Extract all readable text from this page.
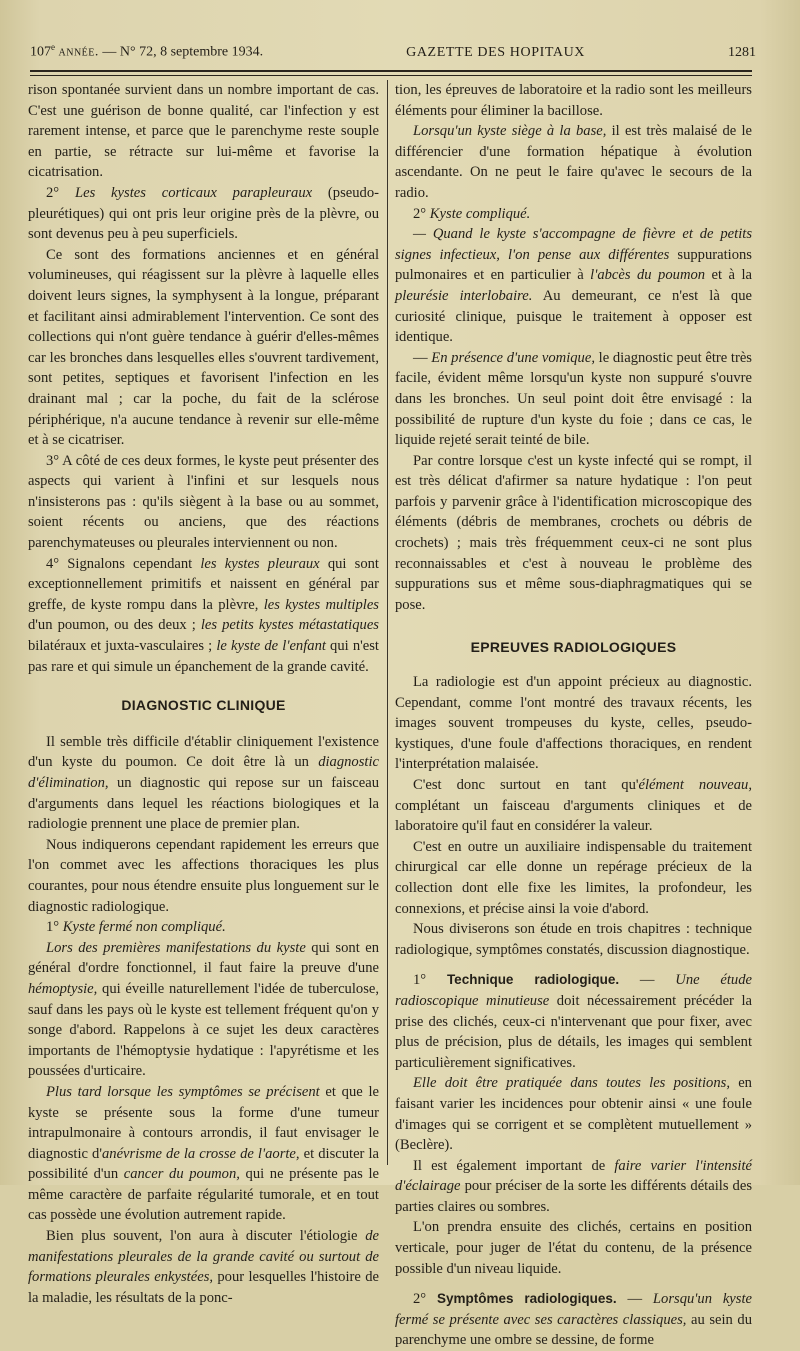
107e année. — N° 72, 8 septembre 1934.	GAZETTE DES HOPITAUX	1281

rison spontanée survient dans un nombre important de cas. C'est une guérison de bonne qualité, car l'infection y est rarement intense, et parce que le parenchyme reste souple en partie, se rétracte sur lui-même et favorise la cicatrisation.

2° Les kystes corticaux parapleuraux (pseudo-pleurétiques) qui ont pris leur origine près de la plèvre, ou sont devenus peu à peu superficiels.

Ce sont des formations anciennes et en général volumineuses, qui réagissent sur la plèvre à laquelle elles doivent leurs signes, la symphysent à la longue, préparant et facilitant ainsi admirablement l'intervention. Ce sont des collections qui n'ont guère tendance à guérir d'elles-mêmes car les bronches dans lesquelles elles s'ouvrent tardivement, sont petites, septiques et favorisent l'infection en les drainant mal ; car la poche, du fait de la sclérose périphérique, n'a aucune tendance à revenir sur elle-même et à se cicatriser.

3° A côté de ces deux formes, le kyste peut présenter des aspects qui varient à l'infini et sur lesquels nous n'insisterons pas : qu'ils siègent à la base ou au sommet, soient récents ou anciens, que des réactions parenchymateuses ou pleurales interviennent ou non.

4° Signalons cependant les kystes pleuraux qui sont exceptionnellement primitifs et naissent en général par greffe, de kyste rompu dans la plèvre, les kystes multiples d'un poumon, ou des deux ; les petits kystes métastatiques bilatéraux et juxta-vasculaires ; le kyste de l'enfant qui n'est pas rare et qui simule un épanchement de la grande cavité.

DIAGNOSTIC CLINIQUE

Il semble très difficile d'établir cliniquement l'existence d'un kyste du poumon. Ce doit être là un diagnostic d'élimination, un diagnostic qui repose sur un faisceau d'arguments dans lequel les réactions biologiques et la radiologie prennent une place de premier plan.

Nous indiquerons cependant rapidement les erreurs que l'on commet avec les affections thoraciques les plus courantes, pour nous étendre ensuite plus longuement sur le diagnostic radiologique.

1° Kyste fermé non compliqué.

Lors des premières manifestations du kyste qui sont en général d'ordre fonctionnel, il faut faire la preuve d'une hémoptysie, qui éveille naturellement l'idée de tuberculose, sauf dans les pays où le kyste est tellement fréquent qu'on y songe d'abord. Rappelons à ce sujet les deux caractères importants de l'hémoptysie hydatique : l'apyrétisme et les poussées d'urticaire.

Plus tard lorsque les symptômes se précisent et que le kyste se présente sous la forme d'une tumeur intrapulmonaire à contours arrondis, il faut envisager le diagnostic d'anévrisme de la crosse de l'aorte, et discuter la possibilité d'un cancer du poumon, qui ne présente pas le même caractère de parfaite régularité tumorale, et en tout cas possède une évolution autrement rapide.

Bien plus souvent, l'on aura à discuter l'étiologie de manifestations pleurales de la grande cavité ou surtout de formations pleurales enkystées, pour lesquelles l'histoire de la maladie, les résultats de la ponc-

tion, les épreuves de laboratoire et la radio sont les meilleurs éléments pour éliminer la bacillose.

Lorsqu'un kyste siège à la base, il est très malaisé de le différencier d'une formation hépatique à évolution ascendante. On ne peut le faire qu'avec le secours de la radio.

2° Kyste compliqué.

— Quand le kyste s'accompagne de fièvre et de petits signes infectieux, l'on pense aux différentes suppurations pulmonaires et en particulier à l'abcès du poumon et à la pleurésie interlobaire. Au demeurant, ce n'est là que curiosité clinique, puisque le traitement à opposer est identique.

— En présence d'une vomique, le diagnostic peut être très facile, évident même lorsqu'un kyste non suppuré s'ouvre dans les bronches. Un seul point doit être envisagé : la possibilité de rupture d'un kyste du foie ; dans ce cas, le liquide rejeté serait teinté de bile.

Par contre lorsque c'est un kyste infecté qui se rompt, il est très délicat d'afirmer sa nature hydatique : l'on peut parfois y parvenir grâce à l'identification microscopique des éléments (débris de membranes, crochets ou débris de crochets) ; mais très fréquemment ceux-ci ne sont plus reconnaissables et c'est à nouveau le problème des suppurations sus et même sous-diaphragmatiques qui se pose.

EPREUVES RADIOLOGIQUES

La radiologie est d'un appoint précieux au diagnostic. Cependant, comme l'ont montré des travaux récents, les images souvent trompeuses du kyste, celles, pseudo-kystiques, d'une foule d'affections thoraciques, en rendent l'interprétation malaisée.

C'est donc surtout en tant qu'élément nouveau, complétant un faisceau d'arguments cliniques et de laboratoire qu'il faut en considérer la valeur.

C'est en outre un auxiliaire indispensable du traitement chirurgical car elle donne un repérage précieux de la collection dont elle fixe les limites, la profondeur, les connexions, et précise ainsi la voie d'abord.

Nous diviserons son étude en trois chapitres : technique radiologique, symptômes constatés, discussion diagnostique.

1° Technique radiologique. — Une étude radioscopique minutieuse doit nécessairement précéder la prise des clichés, ceux-ci n'intervenant que pour fixer, avec plus de précision, plus de détails, les images qui semblent particulièrement significatives.

Elle doit être pratiquée dans toutes les positions, en faisant varier les incidences pour obtenir ainsi « une foule d'images qui se corrigent et se complètent mutuellement » (Beclère).

Il est également important de faire varier l'intensité d'éclairage pour préciser de la sorte les différents détails des parties claires ou sombres.

L'on prendra ensuite des clichés, certains en position verticale, pour juger de l'état du contenu, de la présence possible d'un niveau liquide.

2° Symptômes radiologiques. — Lorsqu'un kyste fermé se présente avec ses caractères classiques, au sein du parenchyme une ombre se dessine, de forme
